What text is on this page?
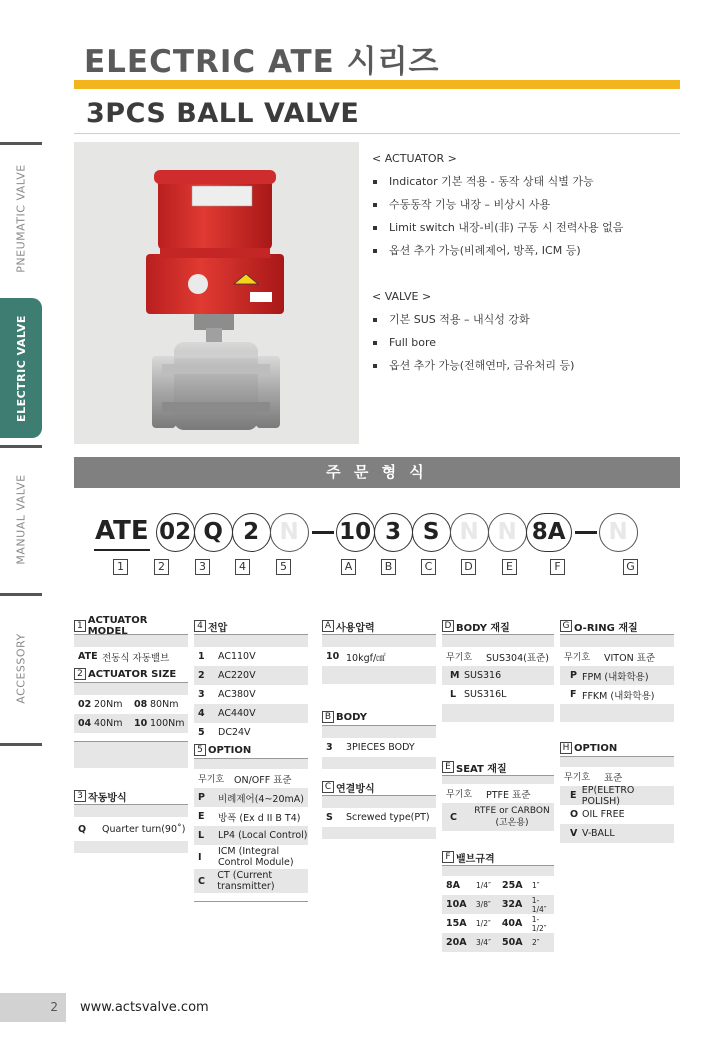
ELECTRIC ATE 시리즈
3PCS BALL VALVE
PNEUMATIC VALVE
ELECTRIC VALVE
MANUAL VALVE
ACCESSORY
< ACTUATOR >
Indicator 기본 적용 - 동작 상태 식별 가능
수동동작 기능 내장 – 비상시 사용
Limit switch 내장-비(非) 구동 시 전력사용 없음
옵션 추가 가능(비례제어, 방폭, ICM 등)
< VALVE >
기본 SUS 적용 – 내식성 강화
Full bore
옵션 추가 가능(전해연마, 금유처리 등)
주 문 형 식
ATE 02 Q 2 N	10 3 S N N 8A	N
1	2	3	4	5	A	B	C	D	E	F	G
1 ACTUATOR MODEL
ATE 전동식 자동밸브
2 ACTUATOR SIZE
02 20Nm	08 80Nm
04 40Nm	10 100Nm
3 작동방식
Q	Quarter turn(90˚)
4 전압
1	AC110V
2	AC220V
3	AC380V
4	AC440V
5	DC24V
5 OPTION
무기호	ON/OFF 표준
P	비례제어(4~20mA)
E	방폭 (Ex d II B T4)
L	LP4 (Local Control)
I	ICM (Integral Control Module)
C	CT (Current transmitter)
A 사용압력
10 10kgf/㎠
B BODY
3	3PIECES BODY
C 연결방식
S	Screwed type(PT)
D BODY 재질
무기호	SUS304(표준)
M SUS316
L SUS316L
E SEAT 재질
무기호	PTFE 표준
C
RTFE or CARBON (고온용)
F 밸브규격
8A	1/4″	25A	1″
10A	3/8″	32A	1-1/4″
15A	1/2″	40A	1-1/2″
20A	3/4″	50A	2″
G O-RING 재질
무기호	VITON 표준
P FPM (내화학용)
F FFKM (내화학용)
H OPTION
무기호	표준
E EP(ELETRO POLISH)
O OIL FREE
V V-BALL
2	www.actsvalve.com
